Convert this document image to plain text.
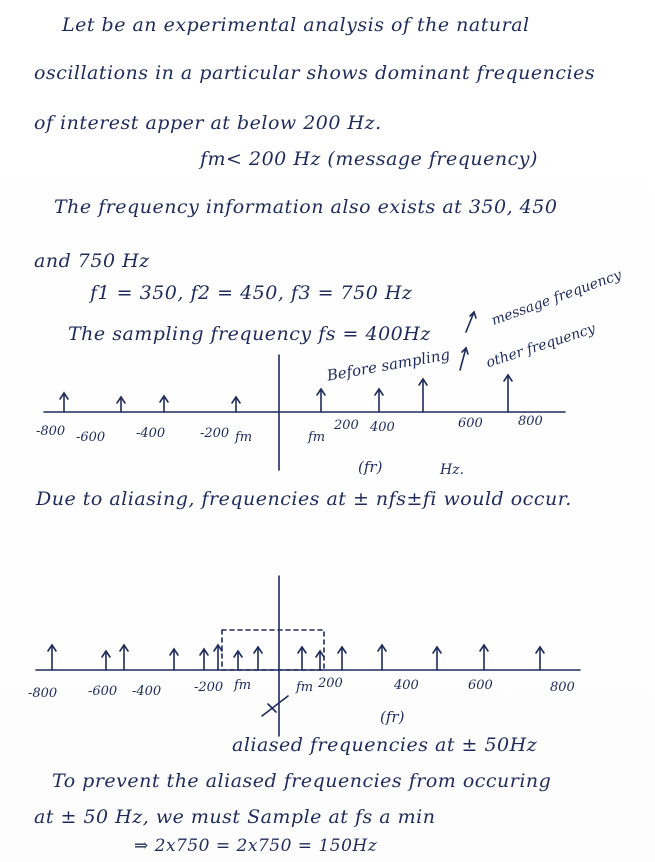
Let be an experimental analysis of the natural
oscillations in a particular shows dominant frequencies
of interest apper at below 200 Hz.
fm< 200 Hz (message frequency)
The frequency information also exists at 350, 450
and 750 Hz
f1 = 350, f2 = 450, f3 = 750 Hz
The sampling frequency fs = 400Hz
Before sampling
message frequency
other frequency
-800 -600 -400	-200 fm	fm
200 400	600	800
(fr)	Hz.
Due to aliasing, frequencies at ± nfs±fi would occur.
-800 -600 -400	-200 fm	fm 200	400	600	800
(fr)
aliased frequencies at ± 50Hz
To prevent the aliased frequencies from occuring
at ± 50 Hz, we must Sample at fs a min
⇒ 2x750 = 2x750 = 150Hz
